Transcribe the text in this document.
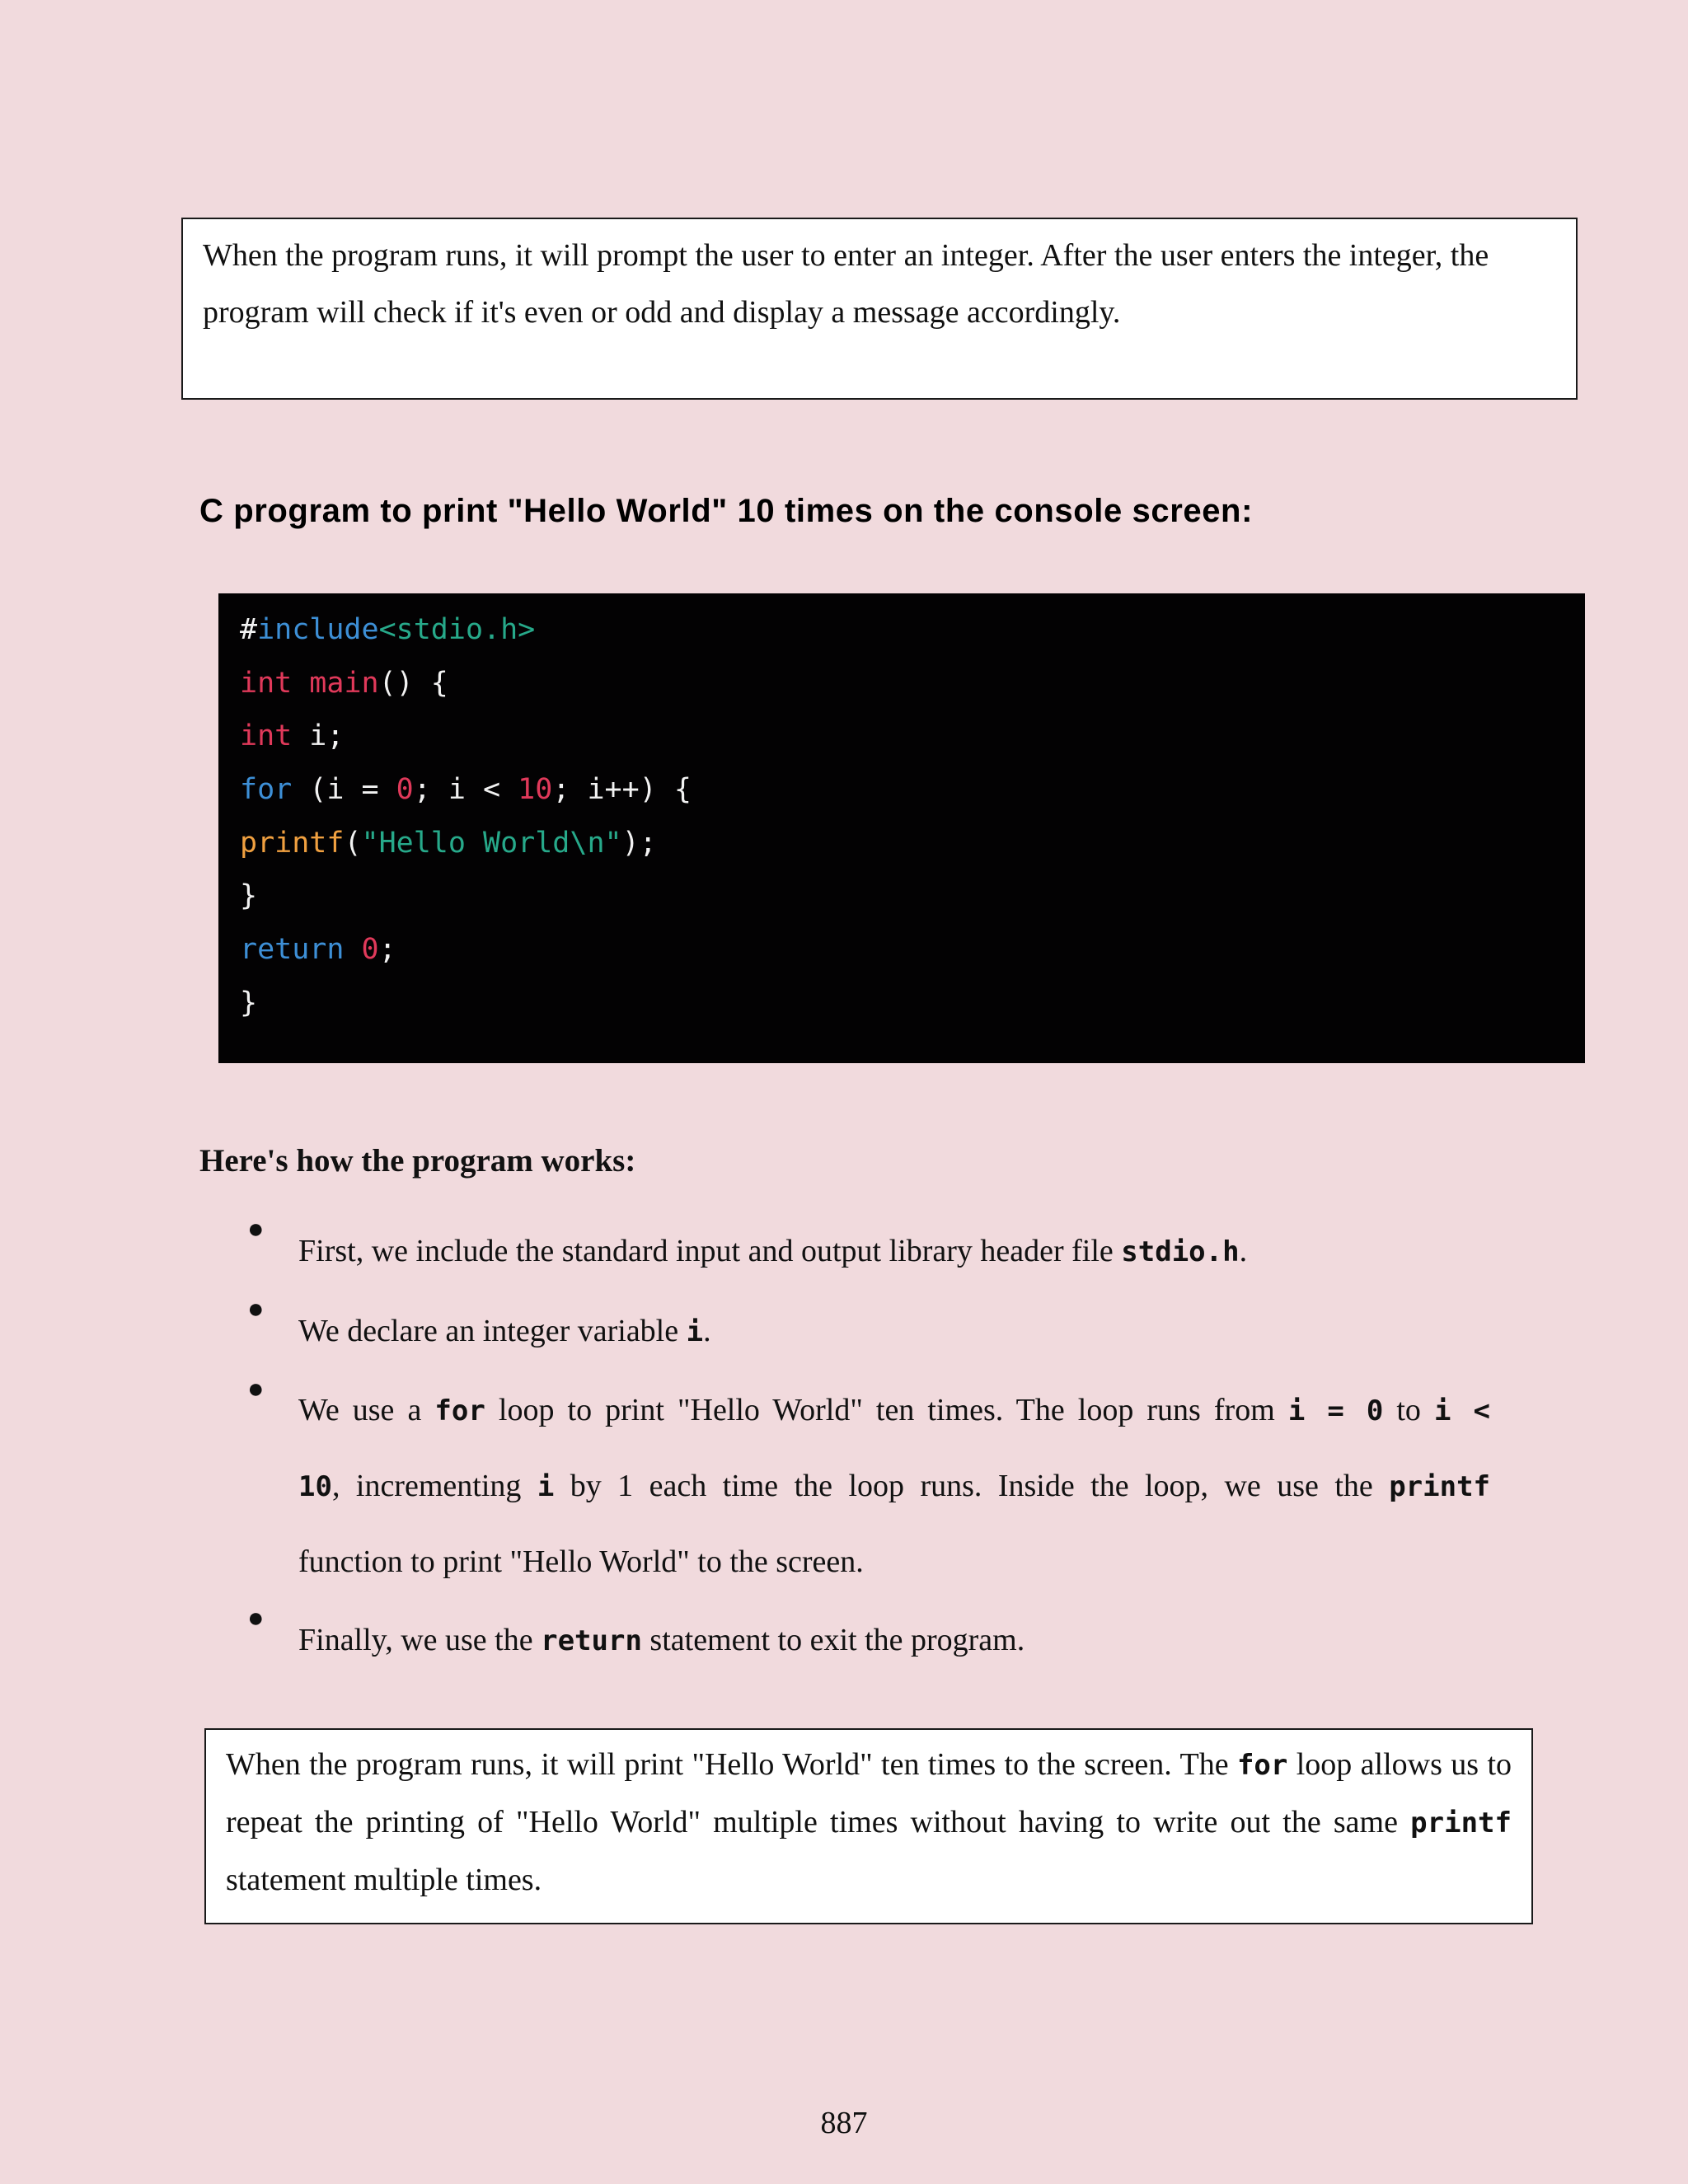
When the program runs, it will prompt the user to enter an integer. After the user enters the integer, the program will check if it's even or odd and display a message accordingly.

C program to print "Hello World" 10 times on the console screen:
#include<stdio.h>
int main() {
int i;
for (i = 0; i < 10; i++) {
printf("Hello World\n");
}
return 0;
}
Here's how the program works:
●
First, we include the standard input and output library header file stdio.h.
●
We declare an integer variable i.
●
We use a for loop to print "Hello World" ten times. The loop runs from i = 0 to i <
10, incrementing i by 1 each time the loop runs. Inside the loop, we use the printf
function to print "Hello World" to the screen.
●
Finally, we use the return statement to exit the program.

When the program runs, it will print "Hello World" ten times to the screen. The for loop allows us to repeat the printing of "Hello World" multiple times without having to write out the same printf statement multiple times.

887
